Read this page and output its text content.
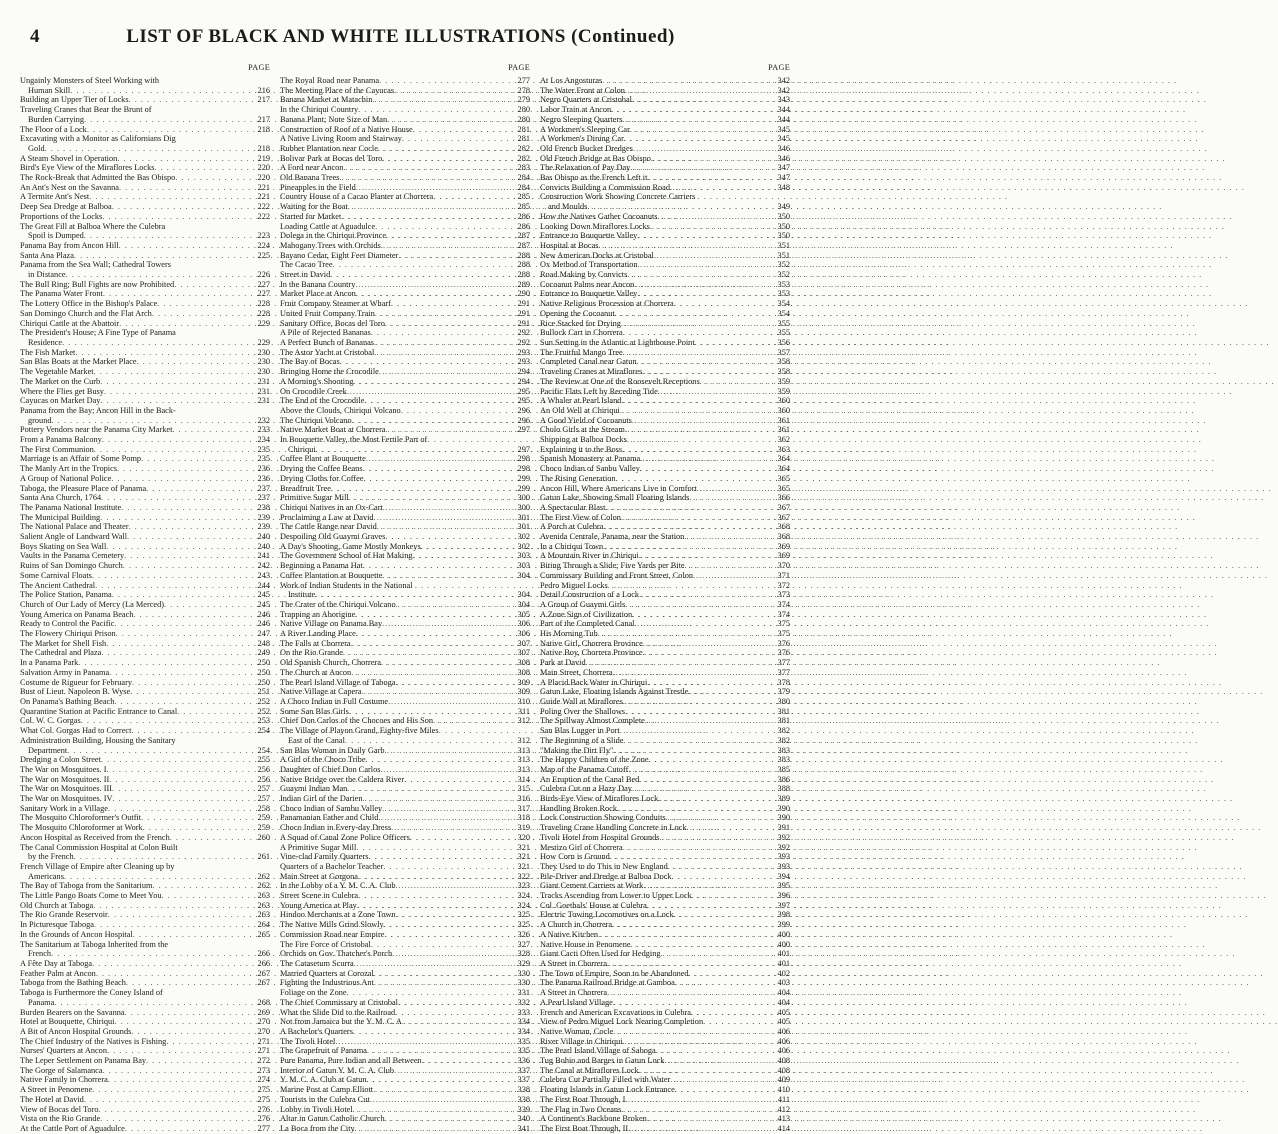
4	LIST OF BLACK AND WHITE ILLUSTRATIONS (Continued)
PAGE
Ungainly Monsters of Steel Working with
Human Skill . . .	216
Building an Upper Tier of Locks . . .	217
Traveling Cranes that Bear the Brunt of
Burden Carrying . . .	217
The Floor of a Lock . . .	218
Excavating with a Monitor as Californians Dig
Gold . . .	218
A Steam Shovel in Operation . . .	219
Bird's Eye View of the Miraflores Locks . . .	220
The Rock-Break that Admitted the Bas Obispo . . .	220
An Ant's Nest on the Savanna . . .	221
A Termite Ant's Nest . . .	221
Deep Sea Dredge at Balboa . . .	222
Proportions of the Locks . . .	222
The Great Fill at Balboa Where the Culebra
Spoil is Dumped . . .	223
Panama Bay from Ancon Hill . . .	224
Santa Ana Plaza . . .	225
Panama from the Sea Wall; Cathedral Towers
in Distance . . .	226
The Bull Ring; Bull Fights are now Prohibited . . .	227
The Panama Water Front . . .	227
The Lottery Office in the Bishop's Palace . . .	228
San Domingo Church and the Flat Arch . . .	228
Chiriqui Cattle at the Abattoir . . .	229
The President's House; A Fine Type of Panama
Residence . . .	229
The Fish Market . . .	230
San Blas Boats at the Market Place . . .	230
The Vegetable Market . . .	230
The Market on the Curb . . .	231
Where the Flies get Busy . . .	231
Cayucas on Market Day . . .	231
Panama from the Bay; Ancon Hill in the Back-
ground . . .	232
Pottery Vendors near the Panama City Market . . .	233
From a Panama Balcony . . .	234
The First Communion . . .	235
Marriage is an Affair of Some Pomp . . .	235
The Manly Art in the Tropics . . .	236
A Group of National Police . . .	236
Taboga, the Pleasure Place of Panama . . .	237
Santa Ana Church, 1764 . . .	237
The Panama National Institute . . .	238
The Municipal Building . . .	239
The National Palace and Theater . . .	239
Salient Angle of Landward Wall . . .	240
Boys Skating on Sea Wall . . .	240
Vaults in the Panama Cemetery . . .	241
Ruins of San Domingo Church . . .	242
Some Carnival Floats . . .	243
The Ancient Cathedral . . .	244
The Police Station, Panama . . .	245
Church of Our Lady of Mercy (La Merced) . . .	245
Young America on Panama Beach . . .	246
Ready to Control the Pacific . . .	246
The Flowery Chiriqui Prison . . .	247
The Market for Shell Fish . . .	248
The Cathedral and Plaza . . .	249
In a Panama Park . . .	250
Salvation Army in Panama . . .	250
Costume de Rigueur for February . . .	250
Bust of Lieut. Napoleon B. Wyse . . .	251
On Panama's Bathing Beach . . .	252
Quarantine Station at Pacific Entrance to Canal . . .	252
Col. W. C. Gorgas . . .	253
What Col. Gorgas Had to Correct . . .	254
Administration Building, Housing the Sanitary
Department . . .	254
Dredging a Colon Street . . .	255
The War on Mosquitoes. I . . .	256
The War on Mosquitoes. II . . .	256
The War on Mosquitoes. III . . .	257
The War on Mosquitoes. IV . . .	257
Sanitary Work in a Village . . .	258
The Mosquito Chloroformer's Outfit . . .	259
The Mosquito Chloroformer at Work . . .	259
Ancon Hospital as Received from the French . . .	260
The Canal Commission Hospital at Colon Built
by the French . . .	261
French Village of Empire after Cleaning up by
Americans . . .	262
The Bay of Taboga from the Sanitarium . . .	262
The Little Pango Boats Come to Meet You . . .	263
Old Church at Taboga . . .	263
The Rio Grande Reservoir . . .	263
In Picturesque Taboga . . .	264
In the Grounds of Ancon Hospital . . .	265
The Sanitarium at Taboga Inherited from the
French . . .	266
A Fête Day at Taboga . . .	266
Feather Palm at Ancon . . .	267
Taboga from the Bathing Beach . . .	267
Taboga is Furthermore the Coney Island of
Panama . . .	268
Burden Bearers on the Savanna . . .	269
Hotel at Bouquette, Chiriqui . . .	270
A Bit of Ancon Hospital Grounds . . .	270
The Chief Industry of the Natives is Fishing . . .	271
Nurses' Quarters at Ancon . . .	271
The Leper Settlement on Panama Bay . . .	272
The Gorge of Salamanca . . .	273
Native Family in Chorrera . . .	274
A Street in Penomene . . .	275
The Hotel at David . . .	275
View of Bocas del Toro . . .	276
Vista on the Rio Grande . . .	276
At the Cattle Port of Aguadulce . . .	277
PAGE
The Royal Road near Panama . . .	277
The Meeting Place of the Cayucas . . .	278
Banana Market at Matachin . . .	279
In the Chiriqui Country . . .	280
Banana Plant; Note Size of Man . . .	280
Construction of Roof of a Native House . . .	281
A Native Living Room and Stairway . . .	281
Rubber Plantation near Cocle . . .	282
Bolivar Park at Bocas del Toro . . .	282
A Ford near Ancon . . .	283
Old Banana Trees . . .	284
Pineapples in the Field . . .	284
Country House of a Cacao Planter at Chorrera . . .	285
Waiting for the Boat . . .	285
Started for Market . . .	286
Loading Cattle at Aguadulce . . .	286
Dolega in the Chiriqui Province . . .	287
Mahogany Trees with Orchids . . .	287
Bayano Cedar, Eight Feet Diameter . . .	288
The Cacao Tree . . .	288
Street in David . . .	288
In the Banana Country . . .	289
Market Place at Ancon . . .	290
Fruit Company Steamer at Wharf . . .	291
United Fruit Company Train . . .	291
Sanitary Office, Bocas del Toro . . .	291
A Pile of Rejected Bananas . . .	292
A Perfect Bunch of Bananas . . .	292
The Astor Yacht at Cristobal . . .	293
The Bay of Bocas . . .	293
Bringing Home the Crocodile . . .	294
A Morning's Shooting . . .	294
On Crocodile Creek . . .	295
The End of the Crocodile . . .	295
Above the Clouds, Chiriqui Volcano . . .	296
The Chiriqui Volcano . . .	296
Native Market Boat at Chorrera . . .	297
In Bouquette Valley, the Most Fertile Part of
Chiriqui . . .	297
Coffee Plant at Bouquette . . .	298
Drying the Coffee Beans . . .	298
Drying Cloths for Coffee . . .	299
Breadfruit Tree . . .	299
Primitive Sugar Mill . . .	300
Chiriqui Natives in an Ox-Cart . . .	300
Proclaiming a Law at David . . .	301
The Cattle Range near David . . .	301
Despoiling Old Guaymi Graves . . .	302
A Day's Shooting, Game Mostly Monkeys . . .	302
The Government School of Hat Making . . .	303
Beginning a Panama Hat . . .	303
Coffee Plantation at Bouquette . . .	304
Work of Indian Students in the National
Institute . . .	304
The Crater of the Chiriqui Volcano . . .	304
Trapping an Aborigine . . .	305
Native Village on Panama Bay . . .	306
A River Landing Place . . .	306
The Falls at Chorrera . . .	307
On the Rio Grande . . .	307
Old Spanish Church, Chorrera . . .	308
The Church at Ancon . . .	308
The Pearl Island Village of Taboga . . .	309
Native Village at Capera . . .	309
A Choco Indian in Full Costume . . .	310
Some San Blas Girls . . .	311
Chief Don Carlos of the Chocoes and His Son . . .	312
The Village of Playon Grand, Eighty-five Miles
East of the Canal . . .	312
San Blas Woman in Daily Garb . . .	313
A Girl of the Choco Tribe . . .	313
Daughter of Chief Don Carlos . . .	313
Native Bridge over the Caldera River . . .	314
Guaymi Indian Man . . .	315
Indian Girl of the Darien . . .	316
Choco Indian of Sambu Valley . . .	317
Panamanian Father and Child . . .	318
Choco Indian in Every-day Dress . . .	319
A Squad of Canal Zone Police Officers . . .	320
A Primitive Sugar Mill . . .	321
Vine-clad Family Quarters . . .	321
Quarters of a Bachelor Teacher . . .	321
Main Street at Gorgona . . .	322
In the Lobby of a Y. M. C. A. Club . . .	323
Street Scene in Culebra . . .	324
Young America at Play . . .	324
Hindoo Merchants at a Zone Town . . .	325
The Native Mills Grind Slowly . . .	325
Commission Road near Empire . . .	326
The Fire Force of Cristobal . . .	327
Orchids on Gov. Thatcher's Porch . . .	328
The Catasetum Scurra . . .	329
Married Quarters at Corozal . . .	330
Fighting the Industrious Ant . . .	330
Foliage on the Zone . . .	331
The Chief Commissary at Cristobal . . .	332
What the Slide Did to the Railroad . . .	333
Not from Jamaica but the Y. M. C. A . . .	334
A Bachelor's Quarters . . .	334
The Tivoli Hotel . . .	335
The Grapefruit of Panama . . .	335
Pure Panama, Pure Indian and all Between . . .	336
Interior of Gatun Y. M. C. A. Club . . .	337
Y. M. C. A. Club at Gatun . . .	337
Marine Post at Camp Elliott . . .	338
Tourists in the Culebra Cut . . .	338
Lobby in Tivoli Hotel . . .	339
Altar in Gatun Catholic Church . . .	340
La Boca from the City . . .	341
PAGE
At Los Angosturas . . .	342
The Water Front at Colon . . .	342
Negro Quarters at Cristobal . . .	343
Labor Train at Ancon . . .	344
Negro Sleeping Quarters . . .	344
A Workmen's Sleeping Car . . .	345
A Workmen's Dining Car . . .	345
Old French Bucket Dredges . . .	346
Old French Bridge at Bas Obispo . . .	346
The Relaxation of Pay Day . . .	347
Bas Obispo as the French Left it . . .	347
Convicts Building a Commission Road . . .	348
Construction Work Showing Concrete Carriers
and Moulds . . .	349
How the Natives Gather Cocoanuts . . .	350
Looking Down Miraflores Locks . . .	350
Entrance to Bouquette Valley . . .	350
Hospital at Bocas . . .	351
New American Docks at Cristobal . . .	351
Ox Method of Transportation . . .	352
Road Making by Convicts . . .	352
Cocoanut Palms near Ancon . . .	353
Entrance to Bouquette Valley . . .	353
Native Religious Procession at Chorrera . . .	354
Opening the Cocoanut . . .	354
Rice Stacked for Drying . . .	355
Bullock Cart in Chorrera . . .	355
Sun Setting in the Atlantic at Lighthouse Point . . .	356
The Fruitful Mango Tree . . .	357
Completed Canal near Gatun . . .	358
Traveling Cranes at Miraflores . . .	358
The Review at One of the Roosevelt Receptions . . .	359
Pacific Flats Left by Receding Tide . . .	359
A Whaler at Pearl Island . . .	360
An Old Well at Chiriqui . . .	360
A Good Yield of Cocoanuts . . .	361
Cholo Girls at the Stream . . .	361
Shipping at Balboa Docks . . .	362
Explaining it to the Boss . . .	363
Spanish Monastery at Panama . . .	364
Choco Indian of Sanbu Valley . . .	364
The Rising Generation . . .	365
Ancon Hill, Where Americans Live in Comfort . . .	365
Gatun Lake, Showing Small Floating Islands . . .	366
A Spectacular Blast . . .	367
The First View of Colon . . .	367
A Porch at Culebra . . .	368
Avenida Centrale, Panama, near the Station . . .	368
In a Chiriqui Town . . .	369
A Mountain River in Chiriqui . . .	369
Biting Through a Slide; Five Yards per Bite . . .	370
Commissary Building and Front Street, Colon . . .	371
Pedro Miguel Locks . . .	372
Detail Construction of a Lock . . .	373
A Group of Guaymi Girls . . .	374
A Zone Sign of Civilization . . .	374
Part of the Completed Canal . . .	375
His Morning Tub . . .	375
Native Girl, Chorrera Province . . .	376
Native Boy, Chorrera Province . . .	376
Park at David . . .	377
Main Street, Chorrera . . .	377
A Placid Back Water in Chiriqui . . .	378
Gatun Lake, Floating Islands Against Trestle . . .	379
Guide Wall at Miraflores . . .	380
Poling Over the Shallows . . .	381
The Spillway Almost Complete . . .	381
San Blas Lugger in Port . . .	382
The Beginning of a Slide . . .	382
"Making the Dirt Fly" . . .	383
The Happy Children of the Zone . . .	383
Map of the Panama Cutoff . . .	385
An Eruption of the Canal Bed . . .	386
Culebra Cut on a Hazy Day . . .	388
Birds-Eye View of Miraflores Lock . . .	389
Handling Broken Rock . . .	390
Lock Construction Showing Conduits . . .	390
Traveling Crane Handling Concrete in Lock . . .	391
Tivoli Hotel from Hospital Grounds . . .	392
Mestizo Girl of Chorrera . . .	392
How Corn is Ground . . .	393
They Used to do This in New England . . .	393
Pile-Driver and Dredge at Balboa Dock . . .	394
Giant Cement Carriers at Work . . .	395
Tracks Ascending from Lower to Upper Lock . . .	396
Col. Goethals' House at Culebra . . .	397
Electric Towing Locomotives on a Lock . . .	398
A Church in Chorrera . . .	399
A Native Kitchen . . .	400
Native House in Penomene . . .	400
Giant Cacti Often Used for Hedging . . .	401
A Street in Chorrera . . .	401
The Town of Empire, Soon to be Abandoned . . .	402
The Panama Railroad Bridge at Gamboa . . .	403
A Street in Chorrera . . .	404
A Pearl Island Village . . .	404
French and American Excavations in Culebra . . .	405
View of Pedro Miguel Lock Nearing Completion . . .	405
Native Woman, Cocle . . .	406
River Village in Chiriqui . . .	406
The Pearl Island Village of Saboga . . .	406
Tug Bohio and Barges in Gatun Lock . . .	408
The Canal at Miraflores Lock . . .	408
Culebra Cut Partially Filled with Water . . .	409
Floating Islands in Gatun Lock Entrance . . .	410
The First Boat Through, I . . .	411
The Flag in Two Oceans . . .	412
A Continent's Backbone Broken . . .	413
The First Boat Through, II . . .	414
